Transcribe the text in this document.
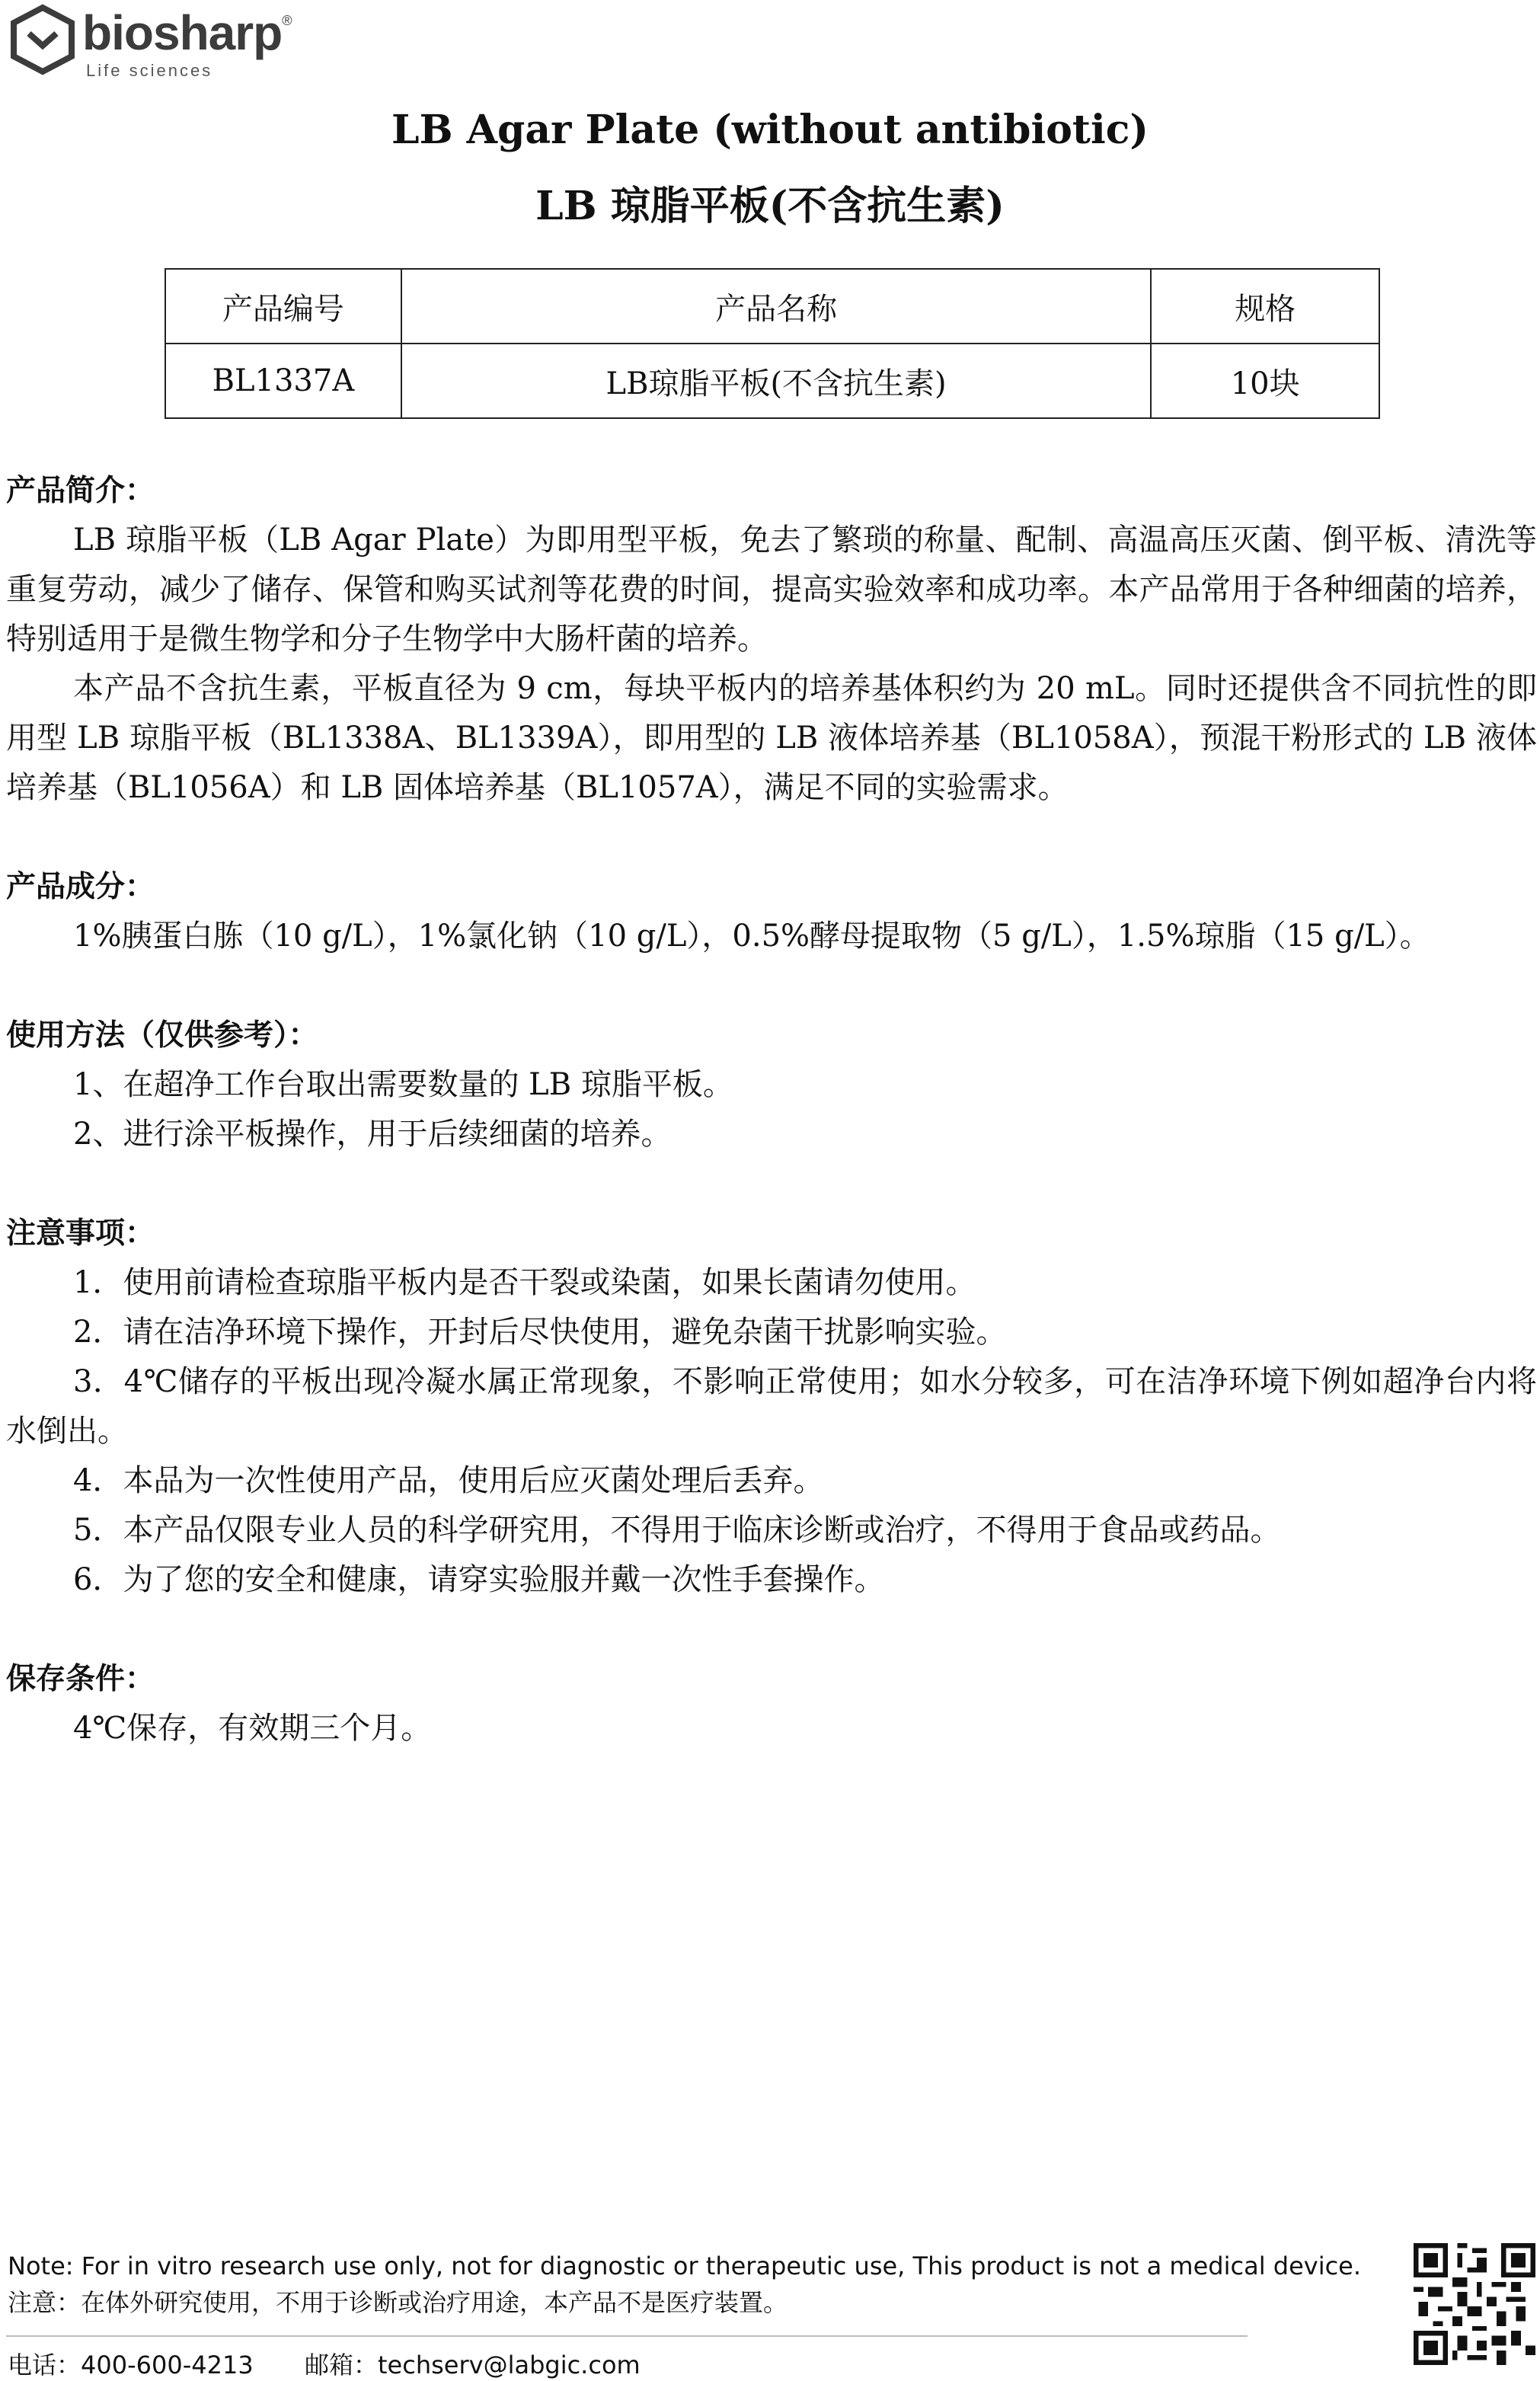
biosharp®
Life sciences
LB Agar Plate (without antibiotic)
LB 琼脂平板(不含抗生素)
产品编号	产品名称	规格
BL1337A	LB琼脂平板(不含抗生素)	10块

产品简介：

LB 琼脂平板（LB Agar Plate）为即用型平板，免去了繁琐的称量、配制、高温高压灭菌、倒平板、清洗等重复劳动，减少了储存、保管和购买试剂等花费的时间，提高实验效率和成功率。本产品常用于各种细菌的培养，特别适用于是微生物学和分子生物学中大肠杆菌的培养。

本产品不含抗生素，平板直径为 9 cm，每块平板内的培养基体积约为 20 mL。同时还提供含不同抗性的即用型 LB 琼脂平板（BL1338A、BL1339A），即用型的 LB 液体培养基（BL1058A），预混干粉形式的 LB 液体培养基（BL1056A）和 LB 固体培养基（BL1057A），满足不同的实验需求。

产品成分：

1%胰蛋白胨（10 g/L），1%氯化钠（10 g/L），0.5%酵母提取物（5 g/L），1.5%琼脂（15 g/L）。

使用方法（仅供参考）：

1、在超净工作台取出需要数量的 LB 琼脂平板。

2、进行涂平板操作，用于后续细菌的培养。

注意事项：

1．使用前请检查琼脂平板内是否干裂或染菌，如果长菌请勿使用。

2．请在洁净环境下操作，开封后尽快使用，避免杂菌干扰影响实验。

3．4℃储存的平板出现冷凝水属正常现象，不影响正常使用；如水分较多，可在洁净环境下例如超净台内将水倒出。

4．本品为一次性使用产品，使用后应灭菌处理后丢弃。

5．本产品仅限专业人员的科学研究用，不得用于临床诊断或治疗，不得用于食品或药品。

6．为了您的安全和健康，请穿实验服并戴一次性手套操作。

保存条件：

4℃保存，有效期三个月。

Note: For in vitro research use only, not for diagnostic or therapeutic use, This product is not a medical device.
注意：在体外研究使用，不用于诊断或治疗用途，本产品不是医疗装置。
电话：400-600-4213 邮箱：techserv@labgic.com
